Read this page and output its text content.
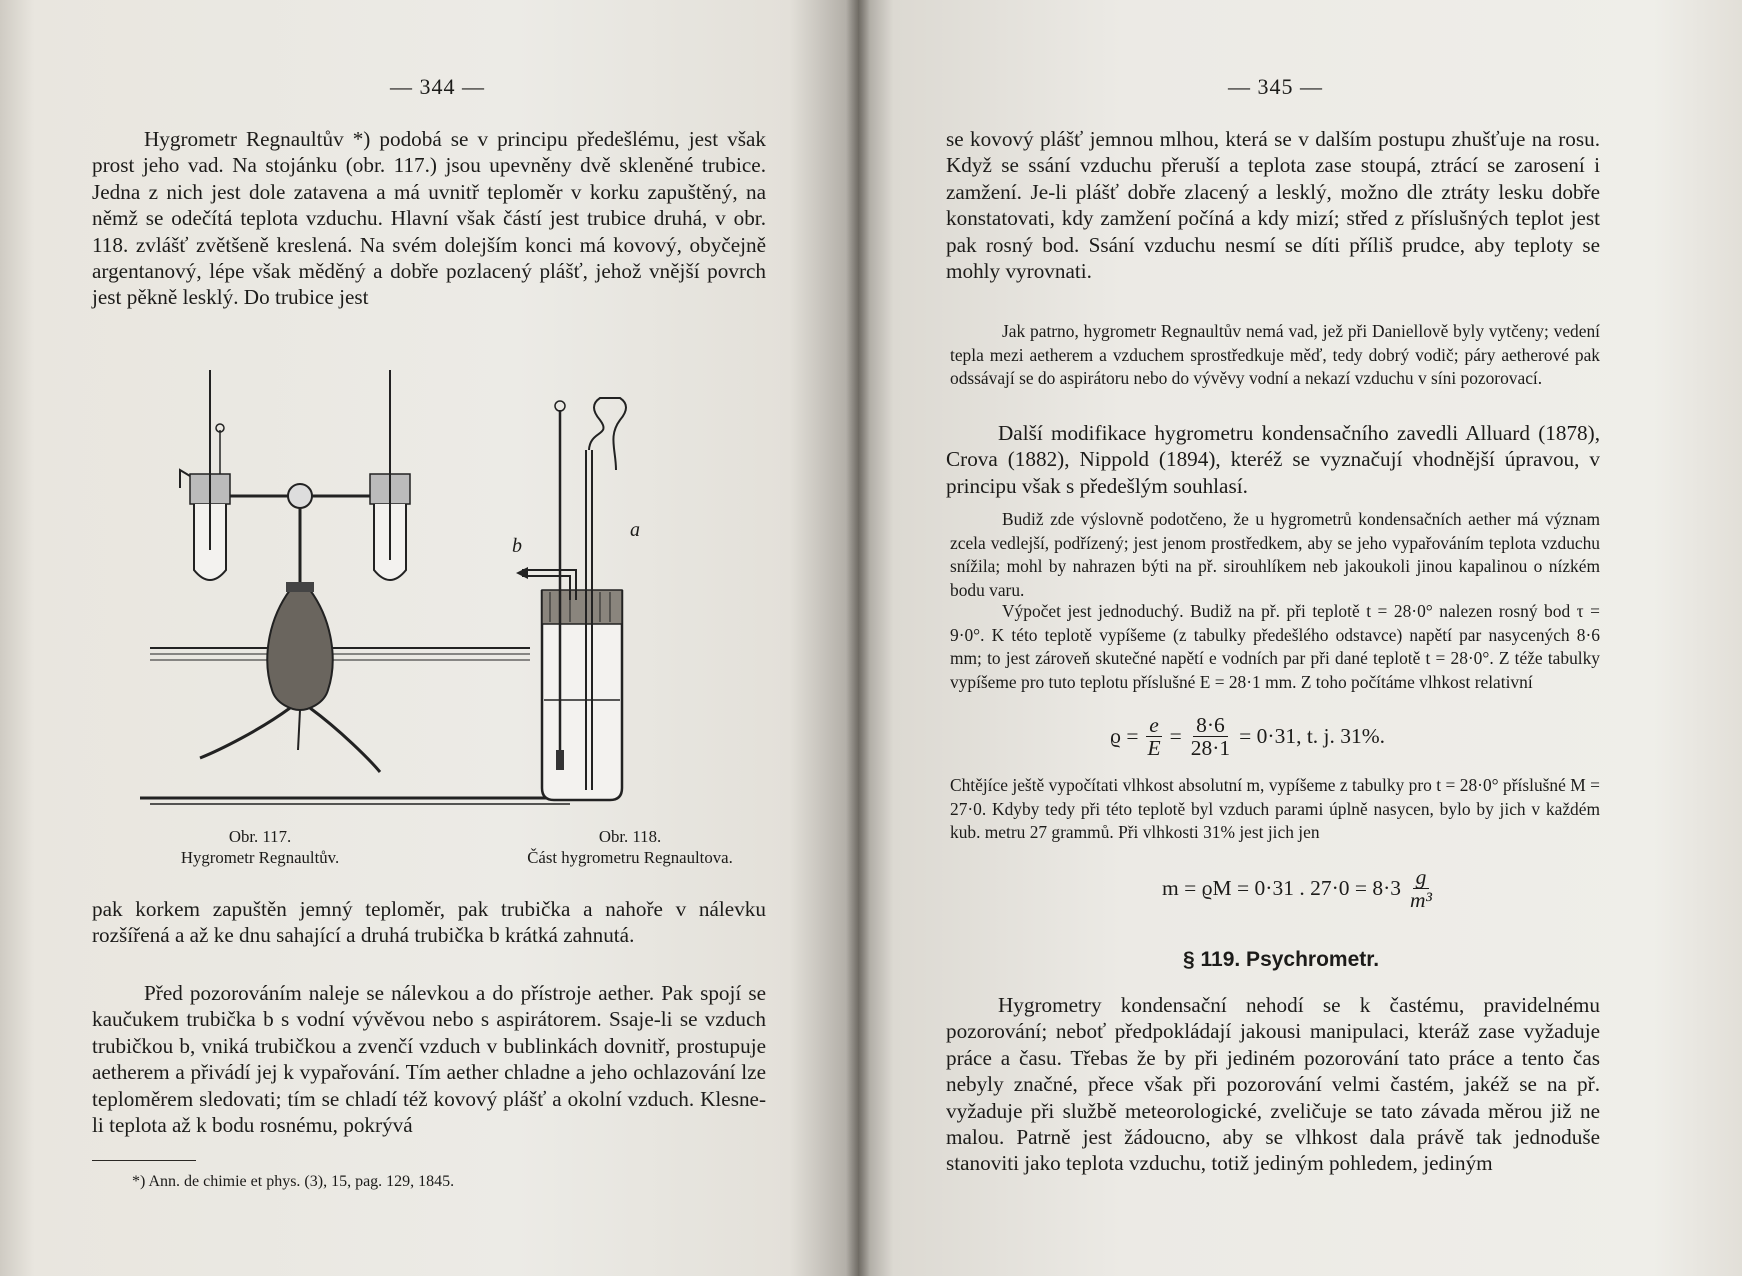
— 344 —

Hygrometr Regnaultův *) podobá se v principu předešlému, jest však prost jeho vad. Na stojánku (obr. 117.) jsou upevněny dvě skleněné trubice. Jedna z nich jest dole zatavena a má uvnitř teploměr v korku zapuštěný, na němž se odečítá teplota vzduchu. Hlavní však částí jest trubice druhá, v obr. 118. zvlášť zvětšeně kreslená. Na svém dolejším konci má kovový, obyčejně argentanový, lépe však měděný a dobře pozlacený plášť, jehož vnější povrch jest pěkně lesklý. Do trubice jest

b
a
Obr. 117.
Hygrometr Regnaultův.
Obr. 118.
Část hygrometru Regnaultova.

pak korkem zapuštěn jemný teploměr, pak trubička a nahoře v nálevku rozšířená a až ke dnu sahající a druhá trubička b krátká zahnutá.

Před pozorováním naleje se nálevkou a do přístroje aether. Pak spojí se kaučukem trubička b s vodní vývěvou nebo s aspirátorem. Ssaje-li se vzduch trubičkou b, vniká trubičkou a zvenčí vzduch v bublinkách dovnitř, prostupuje aetherem a přivádí jej k vypařování. Tím aether chladne a jeho ochlazování lze teploměrem sledovati; tím se chladí též kovový plášť a okolní vzduch. Klesne-li teplota až k bodu rosnému, pokrývá

*) Ann. de chimie et phys. (3), 15, pag. 129, 1845.
— 345 —

se kovový plášť jemnou mlhou, která se v dalším postupu zhušťuje na rosu. Když se ssání vzduchu přeruší a teplota zase stoupá, ztrácí se zarosení i zamžení. Je-li plášť dobře zlacený a lesklý, možno dle ztráty lesku dobře konstatovati, kdy zamžení počíná a kdy mizí; střed z příslušných teplot jest pak rosný bod. Ssání vzduchu nesmí se díti příliš prudce, aby teploty se mohly vyrovnati.

Jak patrno, hygrometr Regnaultův nemá vad, jež při Daniellově byly vytčeny; vedení tepla mezi aetherem a vzduchem sprostředkuje měď, tedy dobrý vodič; páry aetherové pak odssávají se do aspirátoru nebo do vývěvy vodní a nekazí vzduchu v síni pozorovací.

Další modifikace hygrometru kondensačního zavedli Alluard (1878), Crova (1882), Nippold (1894), kteréž se vyznačují vhodnější úpravou, v principu však s předešlým souhlasí.

Budiž zde výslovně podotčeno, že u hygrometrů kondensačních aether má význam zcela vedlejší, podřízený; jest jenom prostředkem, aby se jeho vypařováním teplota vzduchu snížila; mohl by nahrazen býti na př. sirouhlíkem neb jakoukoli jinou kapalinou o nízkém bodu varu.

Výpočet jest jednoduchý. Budiž na př. při teplotě t = 28·0° nalezen rosný bod τ = 9·0°. K této teplotě vypíšeme (z tabulky předešlého odstavce) napětí par nasycených 8·6 mm; to jest zároveň skutečné napětí e vodních par při dané teplotě t = 28·0°. Z téže tabulky vypíšeme pro tuto teplotu příslušné E = 28·1 mm. Z toho počítáme vlhkost relativní

$ϱ = \frac{e}{E} = \frac{8\cdot 6}{28\cdot 1} = 0\cdot 31$, t. j. 31%.

Chtějíce ještě vypočítati vlhkost absolutní m, vypíšeme z tabulky pro t = 28·0° příslušné M = 27·0. Kdyby tedy při této teplotě byl vzduch parami úplně nasycen, bylo by jich v každém kub. metru 27 grammů. Při vlhkosti 31% jest jich jen

m = ϱM = 0·31 . $27\cdot 0 = 8\cdot 3 \frac{g}{\text{m³}}$
§ 119. Psychrometr.

Hygrometry kondensační nehodí se k častému, pravidelnému pozorování; neboť předpokládají jakousi manipulaci, kteráž zase vyžaduje práce a času. Třebas že by při jediném pozorování tato práce a tento čas nebyly značné, přece však při pozorování velmi častém, jakéž se na př. vyžaduje při službě meteorologické, zveličuje se tato závada měrou již ne malou. Patrně jest žádoucno, aby se vlhkost dala právě tak jednoduše stanoviti jako teplota vzduchu, totiž jediným pohledem, jediným
